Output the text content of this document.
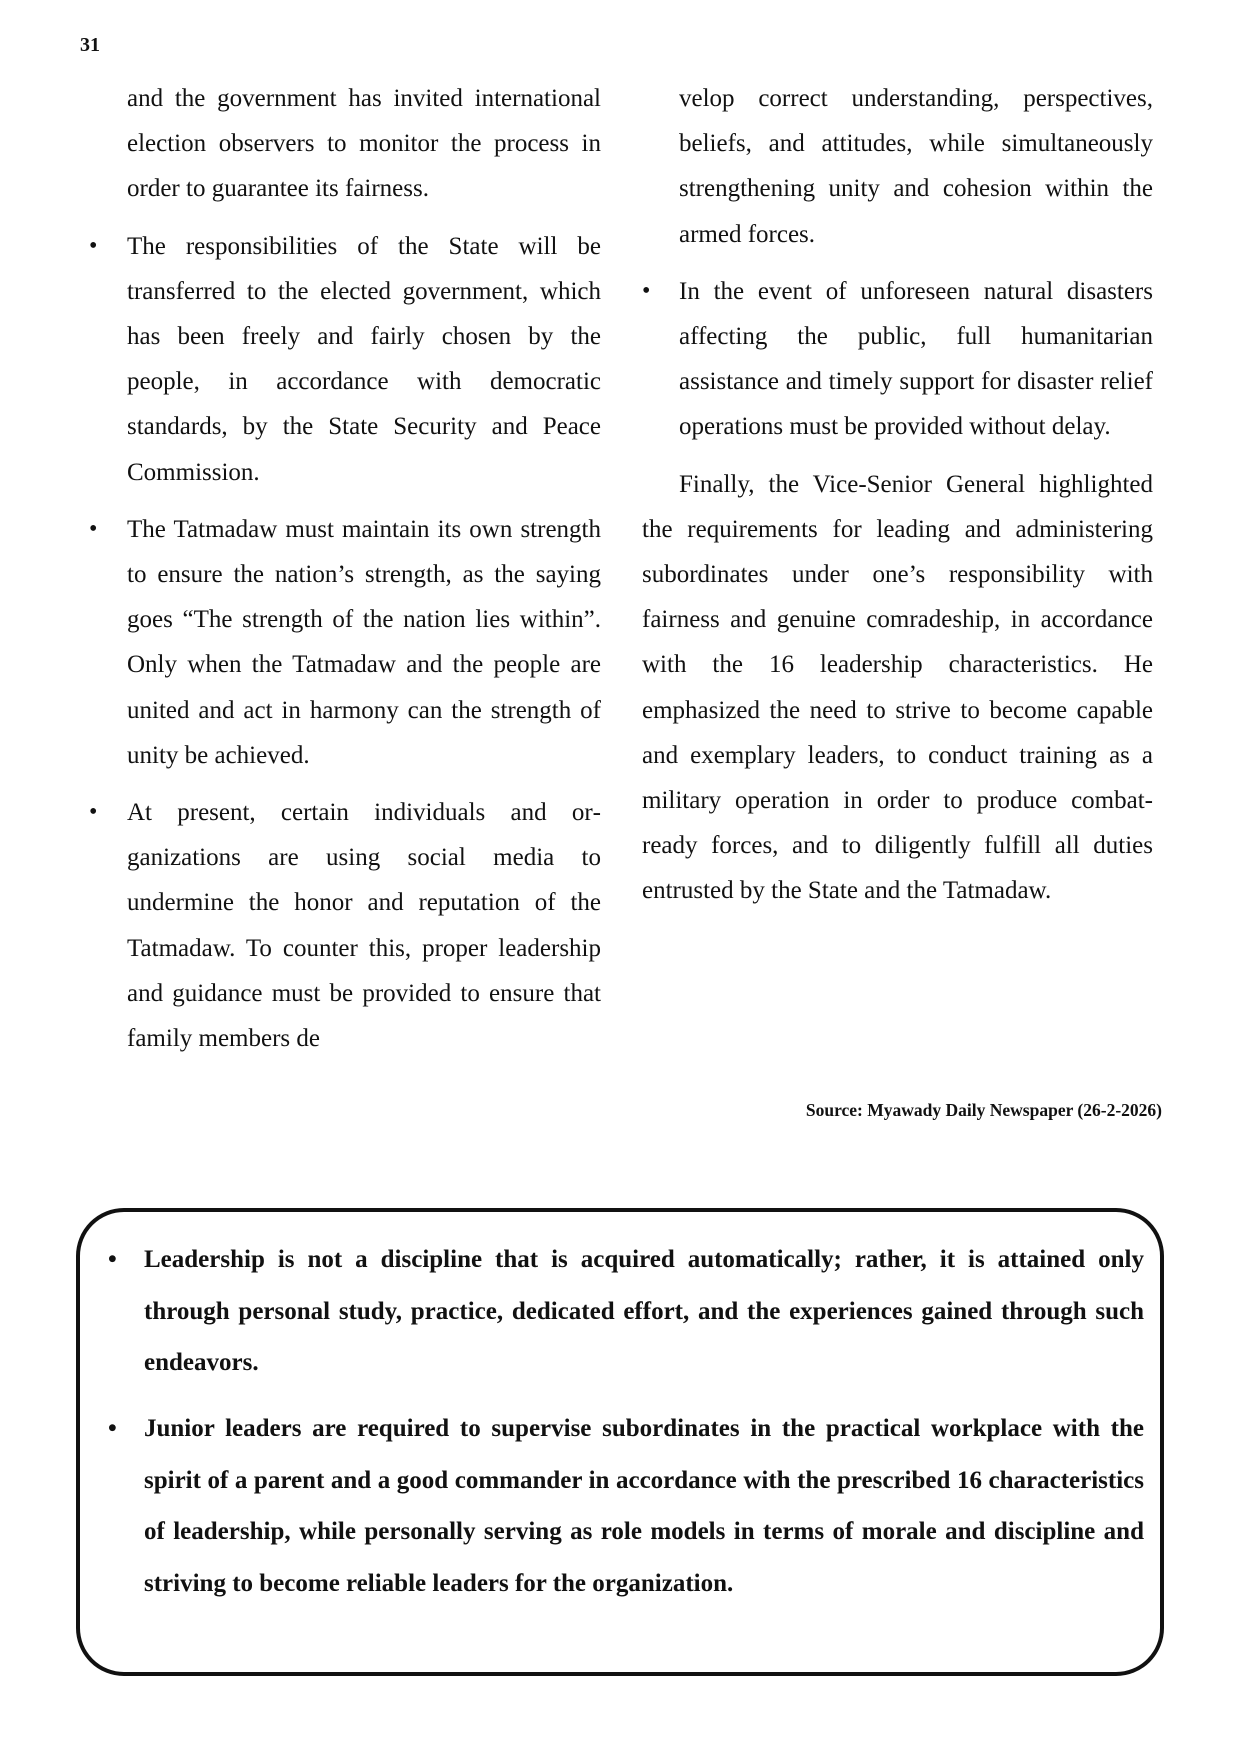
31

and the government has invited international election observers to monitor the process in order to guarantee its fairness.

• The responsibilities of the State will be transferred to the elected government, which has been freely and fairly chosen by the people, in accordance with democratic standards, by the State Security and Peace Commission.

• The Tatmadaw must maintain its own strength to ensure the nation’s strength, as the saying goes “The strength of the nation lies within”. Only when the Tatmadaw and the people are united and act in harmony can the strength of unity be achieved.

• At present, certain individuals and organizations are using social media to undermine the honor and reputation of the Tatmadaw. To counter this, proper leadership and guidance must be provided to ensure that family members de

velop correct understanding, perspectives, beliefs, and attitudes, while simultaneously strengthening unity and cohesion within the armed forces.

• In the event of unforeseen natural disasters affecting the public, full humanitarian assistance and timely support for disaster relief operations must be provided without delay.

Finally, the Vice-Senior General highlighted the requirements for leading and administering subordinates under one’s responsibility with fairness and genuine comradeship, in accordance with the 16 leadership characteristics. He emphasized the need to strive to become capable and exemplary leaders, to conduct training as a military operation in order to produce combat-ready forces, and to diligently fulfill all duties entrusted by the State and the Tatmadaw.

Source: Myawady Daily Newspaper (26-2-2026)
• Leadership is not a discipline that is acquired automatically; rather, it is attained only through personal study, practice, dedicated effort, and the experiences gained through such endeavors.
• Junior leaders are required to supervise subordinates in the practical workplace with the spirit of a parent and a good commander in accordance with the prescribed 16 characteristics of leadership, while personally serving as role models in terms of morale and discipline and striving to become reliable leaders for the organization.
